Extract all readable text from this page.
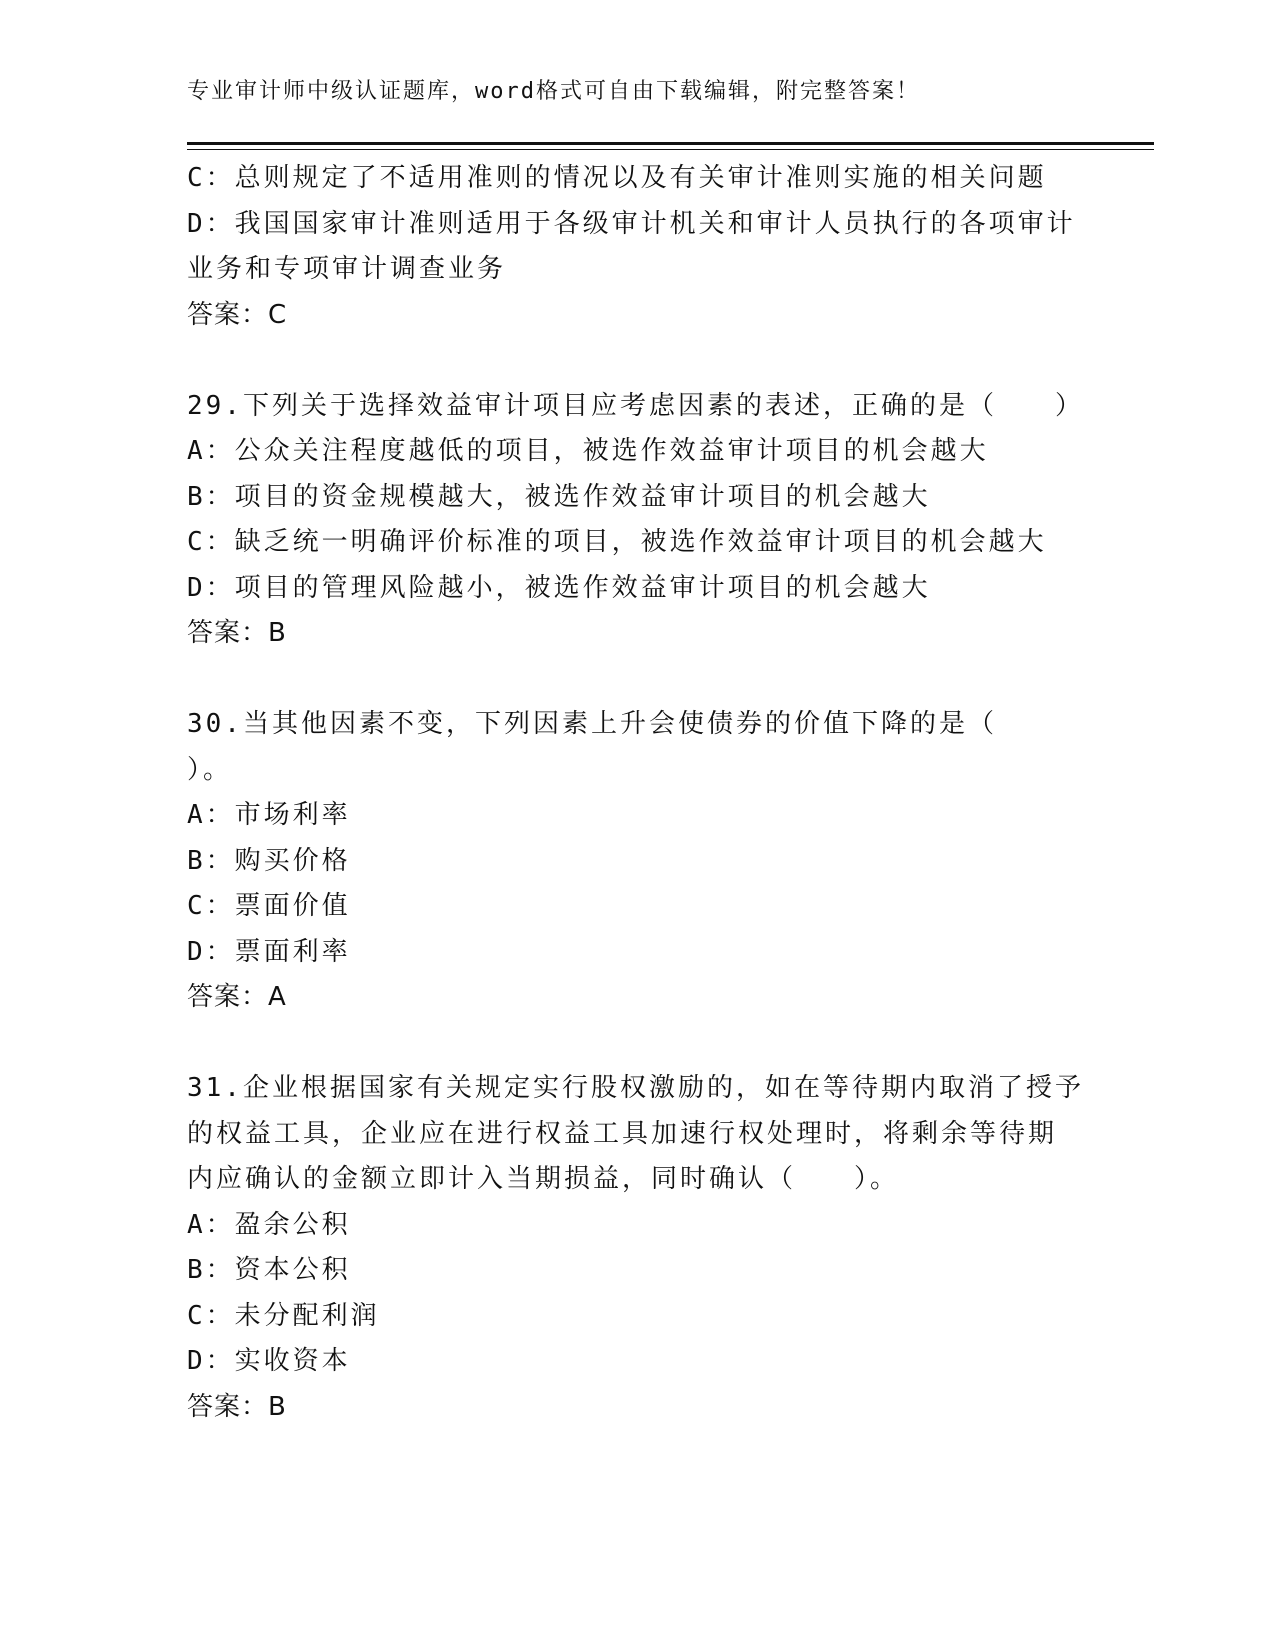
专业审计师中级认证题库，word格式可自由下载编辑，附完整答案！
C：总则规定了不适用准则的情况以及有关审计准则实施的相关问题
D：我国国家审计准则适用于各级审计机关和审计人员执行的各项审计
业务和专项审计调查业务
答案：C
29.下列关于选择效益审计项目应考虑因素的表述，正确的是（　　）
A：公众关注程度越低的项目，被选作效益审计项目的机会越大
B：项目的资金规模越大，被选作效益审计项目的机会越大
C：缺乏统一明确评价标准的项目，被选作效益审计项目的机会越大
D：项目的管理风险越小，被选作效益审计项目的机会越大
答案：B
30.当其他因素不变，下列因素上升会使债券的价值下降的是（
）。
A：市场利率
B：购买价格
C：票面价值
D：票面利率
答案：A
31.企业根据国家有关规定实行股权激励的，如在等待期内取消了授予
的权益工具，企业应在进行权益工具加速行权处理时，将剩余等待期
内应确认的金额立即计入当期损益，同时确认（　　）。
A：盈余公积
B：资本公积
C：未分配利润
D：实收资本
答案：B
